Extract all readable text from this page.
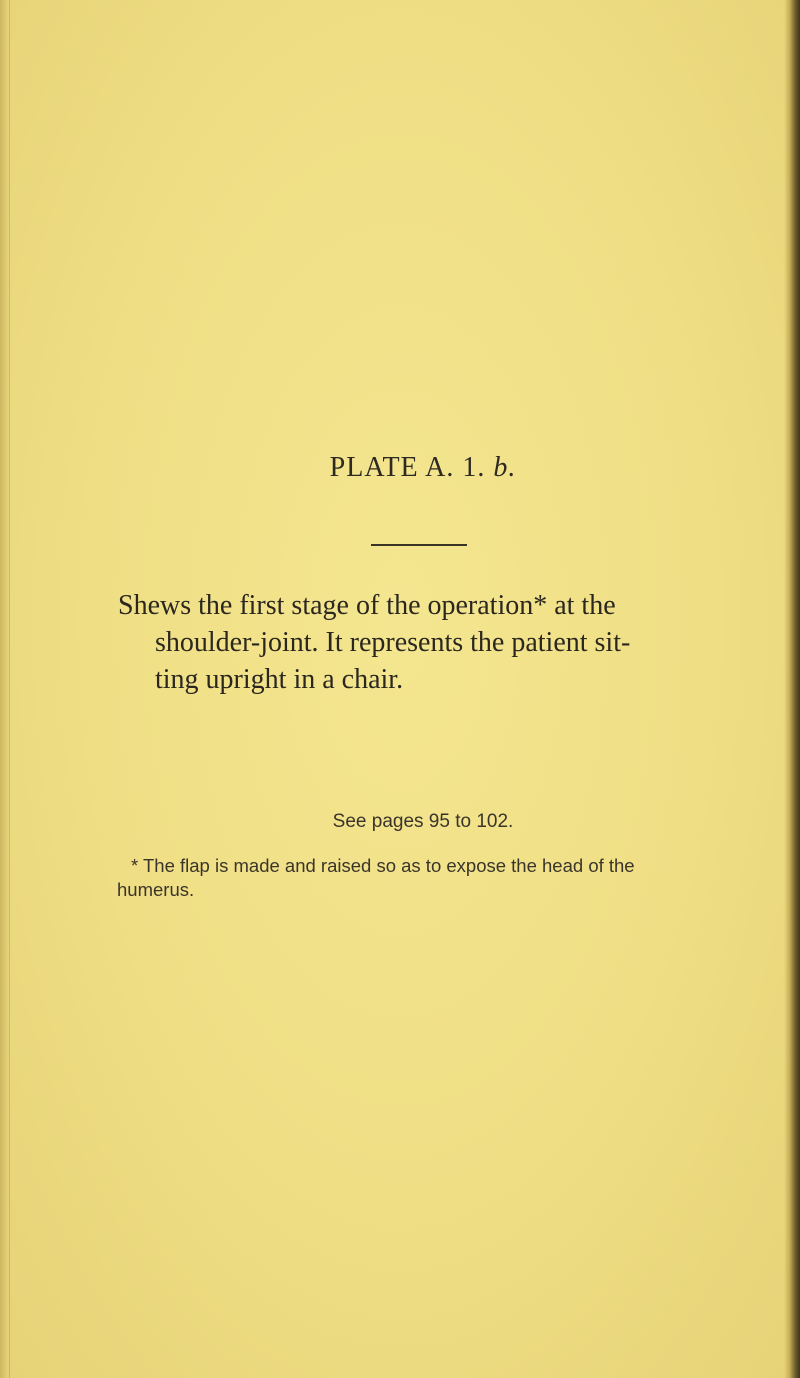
PLATE A. 1. b.
Shews the first stage of the operation* at the
shoulder-joint. It represents the patient sit-
ting upright in a chair.
See pages 95 to 102.
* The flap is made and raised so as to expose the head of the
humerus.
